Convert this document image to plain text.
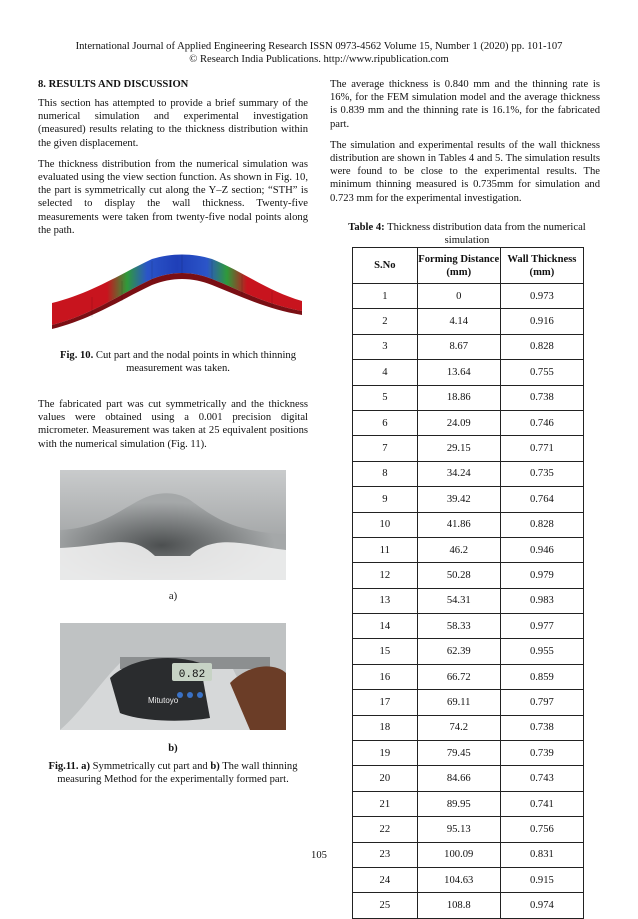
International Journal of Applied Engineering Research ISSN 0973-4562 Volume 15, Number 1 (2020) pp. 101-107
© Research India Publications. http://www.ripublication.com
8. RESULTS AND DISCUSSION

This section has attempted to provide a brief summary of the numerical simulation and experimental investigation (measured) results relating to the thickness distribution within the given displacement.

The thickness distribution from the numerical simulation was evaluated using the view section function. As shown in Fig. 10, the part is symmetrically cut along the Y–Z section; “STH” is selected to display the wall thickness. Twenty-five measurements were taken from twenty-five nodal points along the path.

Fig. 10. Cut part and the nodal points in which thinning measurement was taken.

The fabricated part was cut symmetrically and the thickness values were obtained using a 0.001 precision digital micrometer. Measurement was taken at 25 equivalent positions with the numerical simulation (Fig. 11).

a)
0.82
Mitutoyo
b)
Fig.11. a) Symmetrically cut part and b) The wall thinning measuring Method for the experimentally formed part.

The average thickness is 0.840 mm and the thinning rate is 16%, for the FEM simulation model and the average thickness is 0.839 mm and the thinning rate is 16.1%, for the fabricated part.

The simulation and experimental results of the wall thickness distribution are shown in Tables 4 and 5. The simulation results were found to be close to the experimental results. The minimum thinning measured is 0.735mm for simulation and 0.723 mm for the experimental investigation.

Table 4: Thickness distribution data from the numerical simulation
S.No	Forming Distance (mm)	Wall Thickness (mm)
1	0	0.973
2	4.14	0.916
3	8.67	0.828
4	13.64	0.755
5	18.86	0.738
6	24.09	0.746
7	29.15	0.771
8	34.24	0.735
9	39.42	0.764
10	41.86	0.828
11	46.2	0.946
12	50.28	0.979
13	54.31	0.983
14	58.33	0.977
15	62.39	0.955
16	66.72	0.859
17	69.11	0.797
18	74.2	0.738
19	79.45	0.739
20	84.66	0.743
21	89.95	0.741
22	95.13	0.756
23	100.09	0.831
24	104.63	0.915
25	108.8	0.974
105
